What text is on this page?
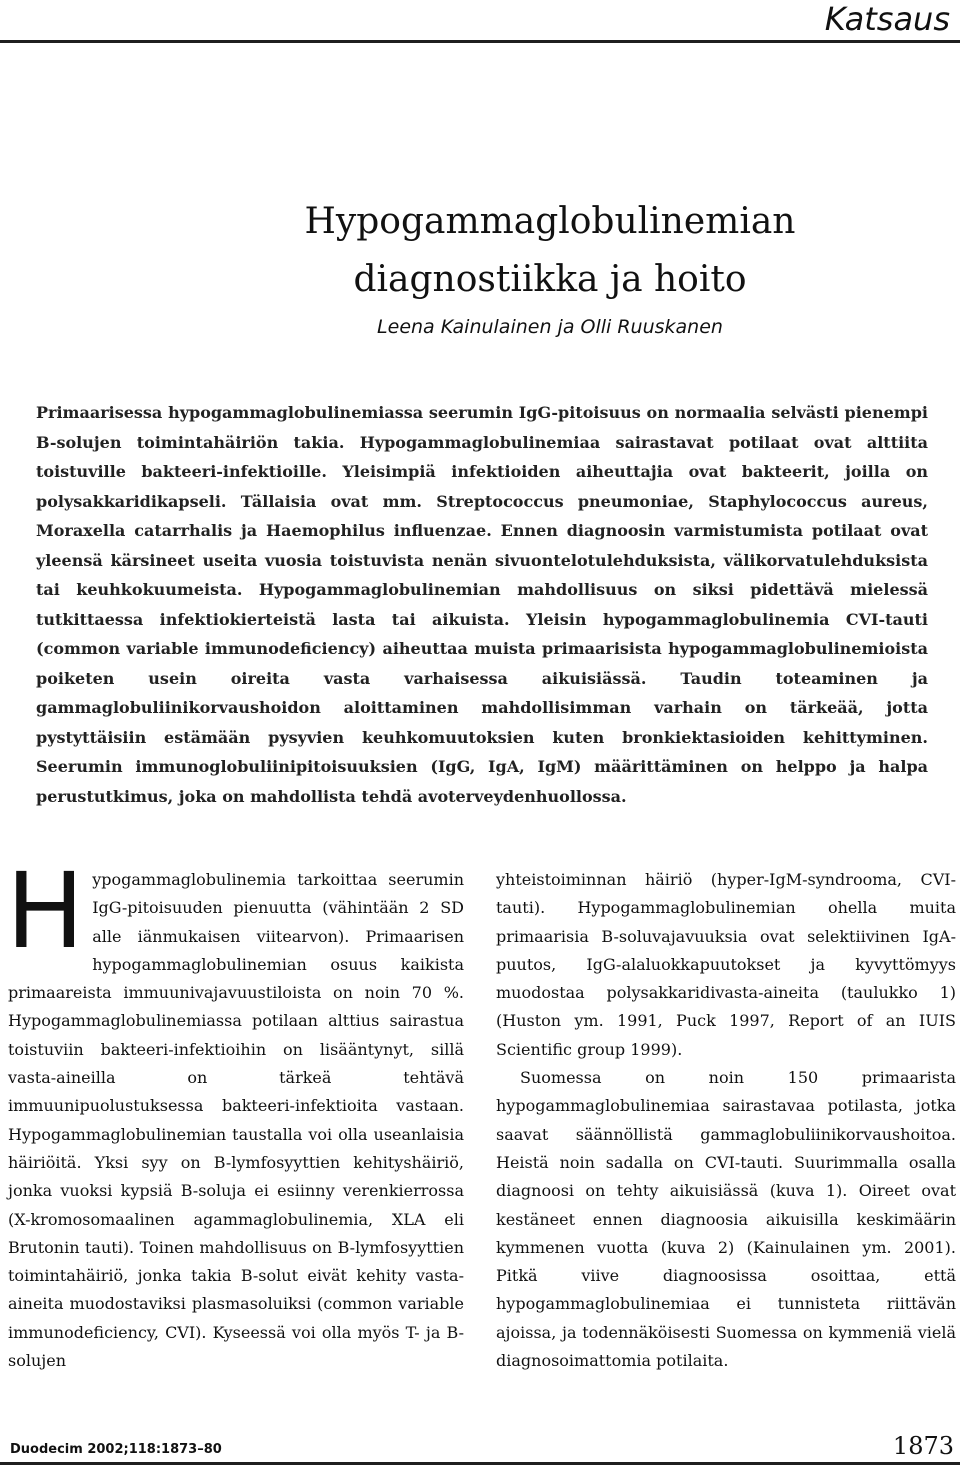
Katsaus
Hypogammaglobulinemian
diagnostiikka ja hoito
Leena Kainulainen ja Olli Ruuskanen

Primaarisessa hypogammaglobulinemiassa seerumin IgG-pitoisuus on normaalia selvästi pienempi B-solujen toimintahäiriön takia. Hypogammaglobulinemiaa sairastavat potilaat ovat alttiita toistuville bakteeri-infektioille. Yleisimpiä infektioiden aiheuttajia ovat bakteerit, joilla on polysakkaridikapseli. Tällaisia ovat mm. Streptococcus pneumoniae, Staphylococcus aureus, Moraxella catarrhalis ja Haemophilus influenzae. Ennen diagnoosin varmistumista potilaat ovat yleensä kärsineet useita vuosia toistuvista nenän sivuontelotulehduksista, välikorvatulehduksista tai keuhkokuumeista. Hypogammaglobulinemian mahdollisuus on siksi pidettävä mielessä tutkittaessa infektiokierteistä lasta tai aikuista. Yleisin hypogammaglobulinemia CVI-tauti (common variable immunodeficiency) aiheuttaa muista primaarisista hypogammaglobulinemioista poiketen usein oireita vasta varhaisessa aikuisiässä. Taudin toteaminen ja gammaglobuliinikorvaushoidon aloittaminen mahdollisimman varhain on tärkeää, jotta pystyttäisiin estämään pysyvien keuhkomuutoksien kuten bronkiektasioiden kehittyminen. Seerumin immunoglobuliinipitoisuuksien (IgG, IgA, IgM) määrittäminen on helppo ja halpa perustutkimus, joka on mahdollista tehdä avoterveydenhuollossa.

Hypogammaglobulinemia tarkoittaa seerumin IgG-pitoisuuden pienuutta (vähintään 2 SD alle iänmukaisen viitearvon). Primaarisen hypogammaglobulinemian osuus kaikista primaareista immuunivajavuustiloista on noin 70 %. Hypogammaglobulinemiassa potilaan alttius sairastua toistuviin bakteeri-infektioihin on lisääntynyt, sillä vasta-aineilla on tärkeä tehtävä immuunipuolustuksessa bakteeri-infektioita vastaan. Hypogammaglobulinemian taustalla voi olla useanlaisia häiriöitä. Yksi syy on B-lymfosyyttien kehityshäiriö, jonka vuoksi kypsiä B-soluja ei esiinny verenkierrossa (X-kromosomaalinen agammaglobulinemia, XLA eli Brutonin tauti). Toinen mahdollisuus on B-lymfosyyttien toimintahäiriö, jonka takia B-solut eivät kehity vasta-aineita muodostaviksi plasmasoluiksi (common variable immunodeficiency, CVI). Kyseessä voi olla myös T- ja B-solujen

yhteistoiminnan häiriö (hyper-IgM-syndrooma, CVI-tauti). Hypogammaglobulinemian ohella muita primaarisia B-soluvajavuuksia ovat selektiivinen IgA-puutos, IgG-alaluokkapuutokset ja kyvyttömyys muodostaa polysakkaridivasta-aineita (taulukko 1) (Huston ym. 1991, Puck 1997, Report of an IUIS Scientific group 1999).

Suomessa on noin 150 primaarista hypogammaglobulinemiaa sairastavaa potilasta, jotka saavat säännöllistä gammaglobuliinikorvaushoitoa. Heistä noin sadalla on CVI-tauti. Suurimmalla osalla diagnoosi on tehty aikuisiässä (kuva 1). Oireet ovat kestäneet ennen diagnoosia aikuisilla keskimäärin kymmenen vuotta (kuva 2) (Kainulainen ym. 2001). Pitkä viive diagnoosissa osoittaa, että hypogammaglobulinemiaa ei tunnisteta riittävän ajoissa, ja todennäköisesti Suomessa on kymmeniä vielä diagnosoimattomia potilaita.

Duodecim 2002;118:1873–80	1873
